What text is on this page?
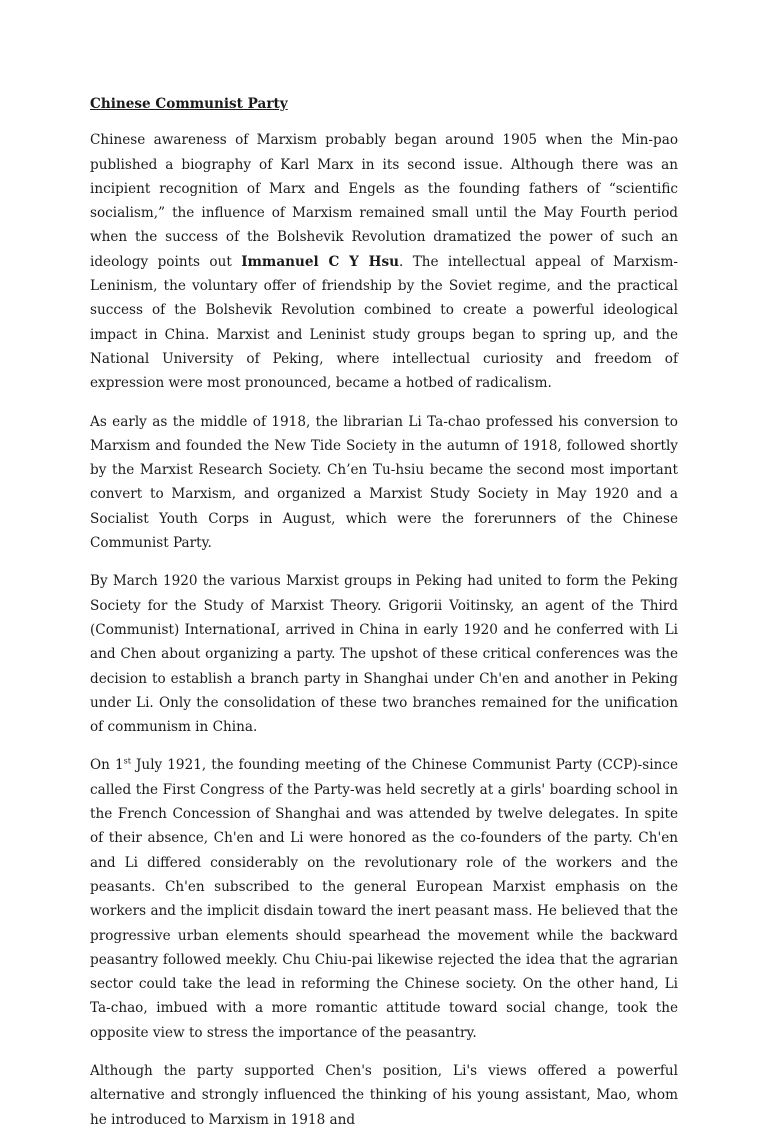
Chinese Communist Party

Chinese awareness of Marxism probably began around 1905 when the Min-pao published a biography of Karl Marx in its second issue. Although there was an incipient recognition of Marx and Engels as the founding fathers of “scientific socialism,” the influence of Marxism remained small until the May Fourth period when the success of the Bolshevik Revolution dramatized the power of such an ideology points out Immanuel C Y Hsu. The intellectual appeal of Marxism-Leninism, the voluntary offer of friendship by the Soviet regime, and the practical success of the Bolshevik Revolution combined to create a powerful ideological impact in China. Marxist and Leninist study groups began to spring up, and the National University of Peking, where intellectual curiosity and freedom of expression were most pronounced, became a hotbed of radicalism.

As early as the middle of 1918, the librarian Li Ta-chao professed his conversion to Marxism and founded the New Tide Society in the autumn of 1918, followed shortly by the Marxist Research Society. Ch’en Tu-hsiu became the second most important convert to Marxism, and organized a Marxist Study Society in May 1920 and a Socialist Youth Corps in August, which were the forerunners of the Chinese Communist Party.

By March 1920 the various Marxist groups in Peking had united to form the Peking Society for the Study of Marxist Theory. Grigorii Voitinsky, an agent of the Third (Communist) InternationaI, arrived in China in early 1920 and he conferred with Li and Chen about organizing a party. The upshot of these critical conferences was the decision to establish a branch party in Shanghai under Ch'en and another in Peking under Li. Only the consolidation of these two branches remained for the unification of communism in China.

On 1st July 1921, the founding meeting of the Chinese Communist Party (CCP)-since called the First Congress of the Party-was held secretly at a girls' boarding school in the French Concession of Shanghai and was attended by twelve delegates. In spite of their absence, Ch'en and Li were honored as the co-founders of the party. Ch'en and Li differed considerably on the revolutionary role of the workers and the peasants. Ch'en subscribed to the general European Marxist emphasis on the workers and the implicit disdain toward the inert peasant mass. He believed that the progressive urban elements should spearhead the movement while the backward peasantry followed meekly. Chu Chiu-pai likewise rejected the idea that the agrarian sector could take the lead in reforming the Chinese society. On the other hand, Li Ta-chao, imbued with a more romantic attitude toward social change, took the opposite view to stress the importance of the peasantry.

Although the party supported Chen's position, Li's views offered a powerful alternative and strongly influenced the thinking of his young assistant, Mao, whom he introduced to Marxism in 1918 and
